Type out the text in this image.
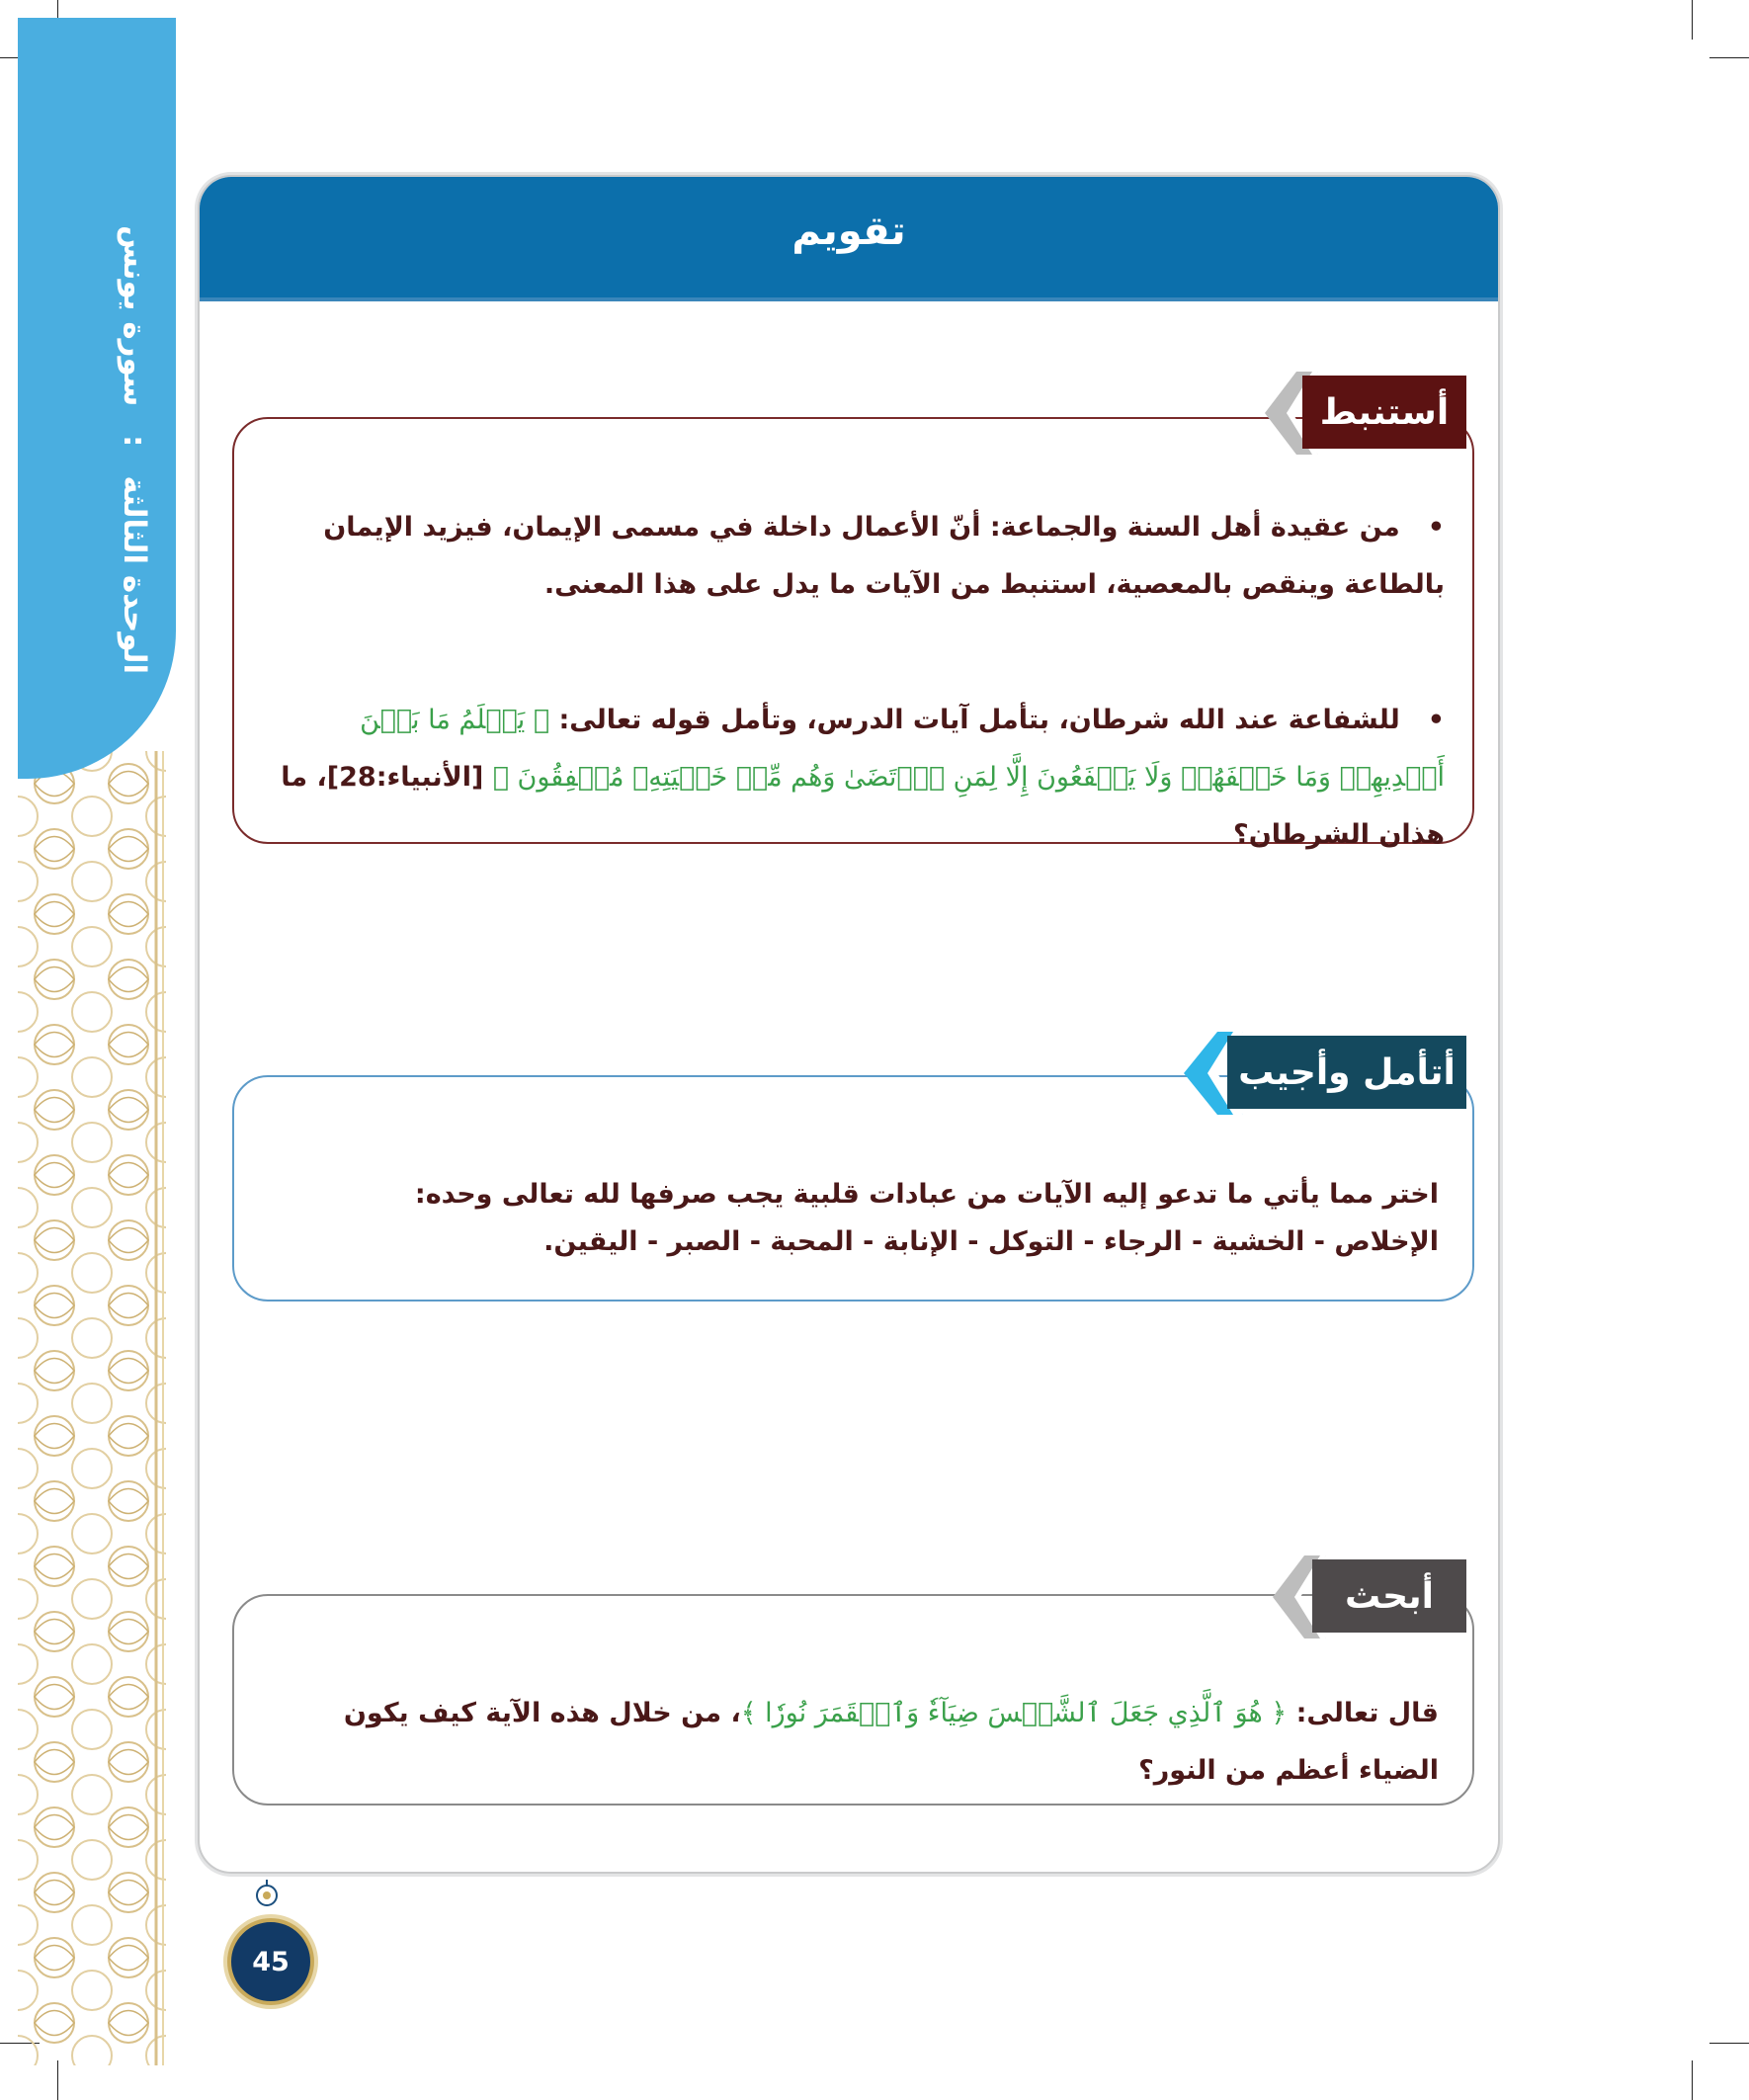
الوحدة الثالثة : سورة يونس	تقويم
أستنبط
•من عقيدة أهل السنة والجماعة: أنّ الأعمال داخلة في مسمى الإيمان، فيزيد الإيمان بالطاعة وينقص بالمعصية، استنبط من الآيات ما يدل على هذا المعنى.
•للشفاعة عند الله شرطان، بتأمل آيات الدرس، وتأمل قوله تعالى: ﴿ يَعۡلَمُ مَا بَيۡنَ أَيۡدِيهِمۡ وَمَا خَلۡفَهُمۡ وَلَا يَشۡفَعُونَ إِلَّا لِمَنِ ٱرۡتَضَىٰ وَهُم مِّنۡ خَشۡيَتِهِۦ مُشۡفِقُونَ ﴾ [الأنبياء:28]، ما هذان الشرطان؟
أتأمل وأجيب
اختر مما يأتي ما تدعو إليه الآيات من عبادات قلبية يجب صرفها لله تعالى وحده:
الإخلاص - الخشية - الرجاء - التوكل - الإنابة - المحبة - الصبر - اليقين.
أبحث
قال تعالى: ﴿ هُوَ ٱلَّذِي جَعَلَ ٱلشَّمۡسَ ضِيَآءٗ وَٱلۡقَمَرَ نُورٗا ﴾، من خلال هذه الآية كيف يكون الضياء أعظم من النور؟
45
